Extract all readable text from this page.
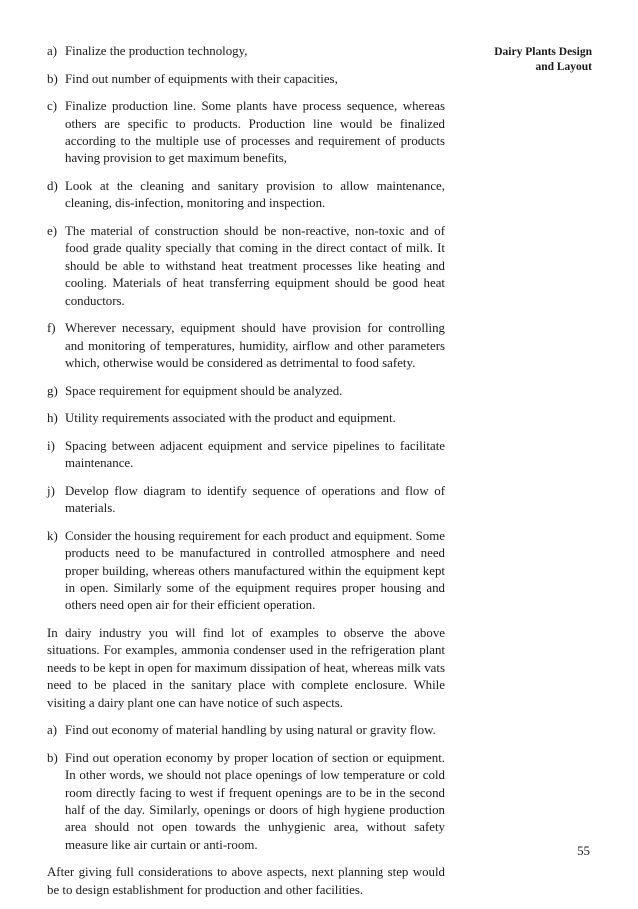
Dairy Plants Design
and Layout
a) Finalize the production technology,
b) Find out number of equipments with their capacities,
c) Finalize production line. Some plants have process sequence, whereas others are specific to products. Production line would be finalized according to the multiple use of processes and requirement of products having provision to get maximum benefits,
d) Look at the cleaning and sanitary provision to allow maintenance, cleaning, dis-infection, monitoring and inspection.
e) The material of construction should be non-reactive, non-toxic and of food grade quality specially that coming in the direct contact of milk. It should be able to withstand heat treatment processes like heating and cooling. Materials of heat transferring equipment should be good heat conductors.
f) Wherever necessary, equipment should have provision for controlling and monitoring of temperatures, humidity, airflow and other parameters which, otherwise would be considered as detrimental to food safety.
g) Space requirement for equipment should be analyzed.
h) Utility requirements associated with the product and equipment.
i) Spacing between adjacent equipment and service pipelines to facilitate maintenance.
j) Develop flow diagram to identify sequence of operations and flow of materials.
k) Consider the housing requirement for each product and equipment. Some products need to be manufactured in controlled atmosphere and need proper building, whereas others manufactured within the equipment kept in open. Similarly some of the equipment requires proper housing and others need open air for their efficient operation.

In dairy industry you will find lot of examples to observe the above situations. For examples, ammonia condenser used in the refrigeration plant needs to be kept in open for maximum dissipation of heat, whereas milk vats need to be placed in the sanitary place with complete enclosure. While visiting a dairy plant one can have notice of such aspects.

a) Find out economy of material handling by using natural or gravity flow.
b) Find out operation economy by proper location of section or equipment. In other words, we should not place openings of low temperature or cold room directly facing to west if frequent openings are to be in the second half of the day. Similarly, openings or doors of high hygiene production area should not open towards the unhygienic area, without safety measure like air curtain or anti-room.

After giving full considerations to above aspects, next planning step would be to design establishment for production and other facilities.

55
